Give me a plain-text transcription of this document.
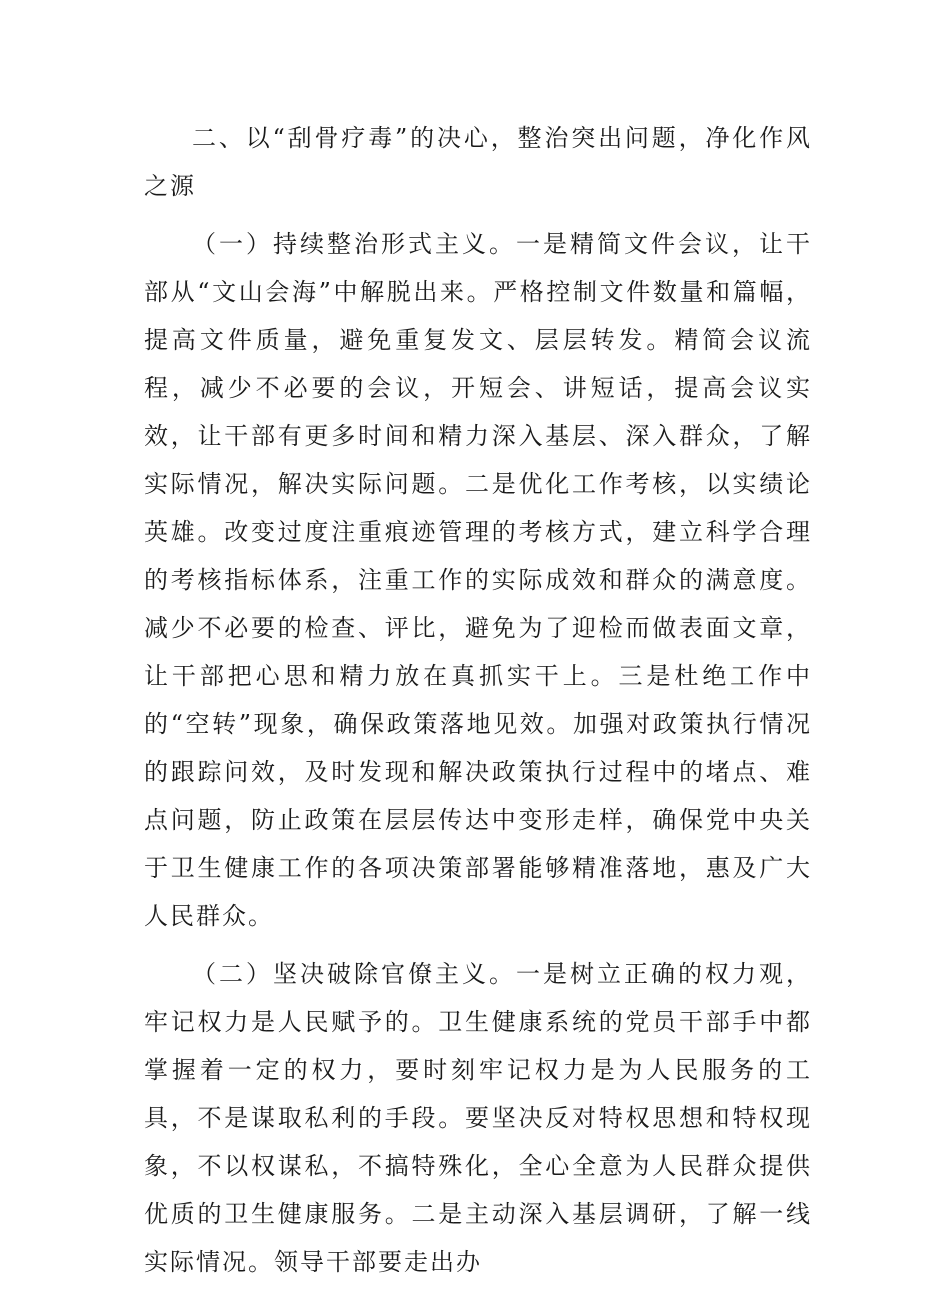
二、以“刮骨疗毒”的决心，整治突出问题，净化作风之源

（一）持续整治形式主义。一是精简文件会议，让干部从“文山会海”中解脱出来。严格控制文件数量和篇幅，提高文件质量，避免重复发文、层层转发。精简会议流程，减少不必要的会议，开短会、讲短话，提高会议实效，让干部有更多时间和精力深入基层、深入群众，了解实际情况，解决实际问题。二是优化工作考核，以实绩论英雄。改变过度注重痕迹管理的考核方式，建立科学合理的考核指标体系，注重工作的实际成效和群众的满意度。减少不必要的检查、评比，避免为了迎检而做表面文章，让干部把心思和精力放在真抓实干上。三是杜绝工作中的“空转”现象，确保政策落地见效。加强对政策执行情况的跟踪问效，及时发现和解决政策执行过程中的堵点、难点问题，防止政策在层层传达中变形走样，确保党中央关于卫生健康工作的各项决策部署能够精准落地，惠及广大人民群众。

（二）坚决破除官僚主义。一是树立正确的权力观，牢记权力是人民赋予的。卫生健康系统的党员干部手中都掌握着一定的权力，要时刻牢记权力是为人民服务的工具，不是谋取私利的手段。要坚决反对特权思想和特权现象，不以权谋私，不搞特殊化，全心全意为人民群众提供优质的卫生健康服务。二是主动深入基层调研，了解一线实际情况。领导干部要走出办
